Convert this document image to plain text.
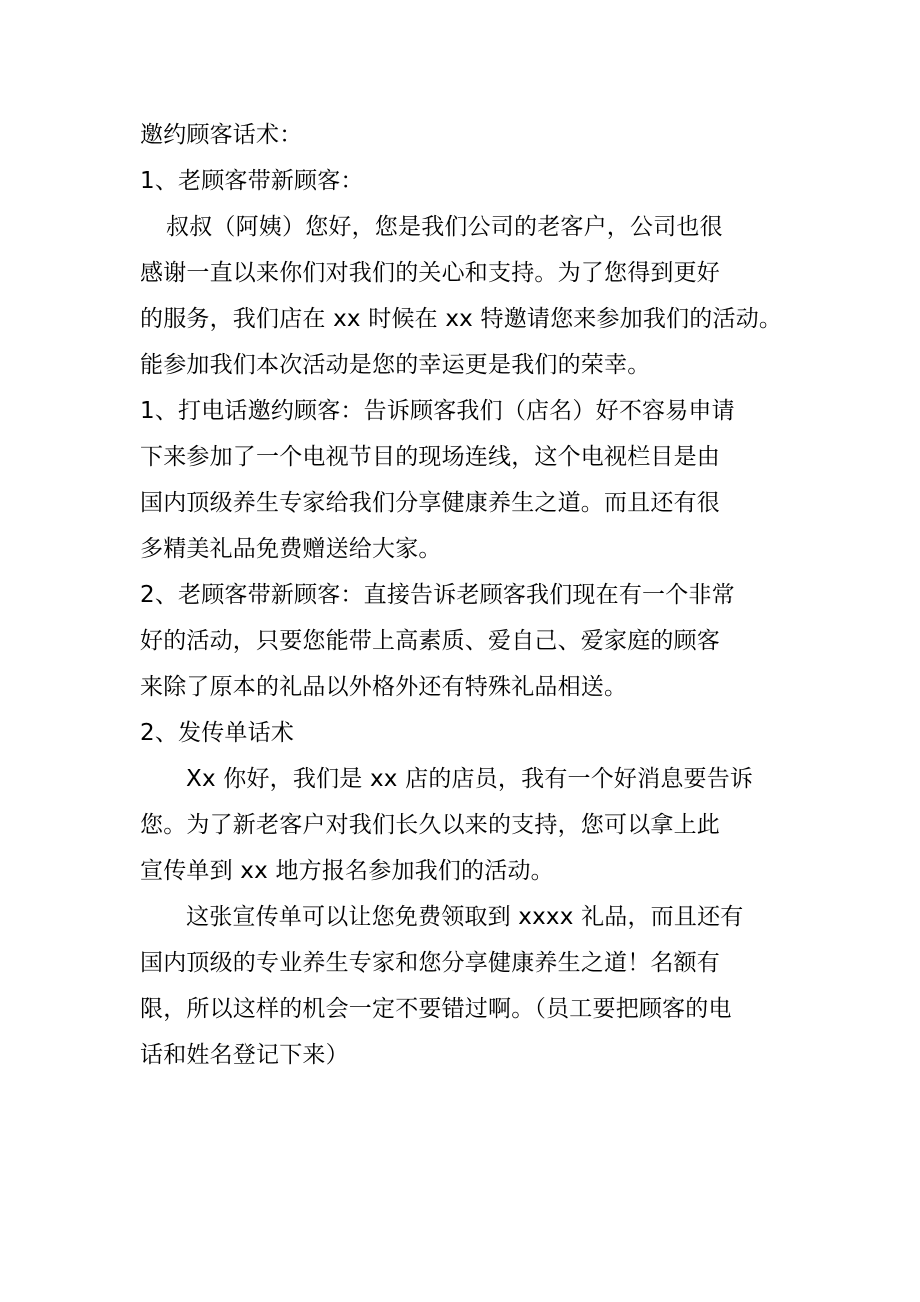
邀约顾客话术：
1、老顾客带新顾客：
叔叔（阿姨）您好，您是我们公司的老客户，公司也很
感谢一直以来你们对我们的关心和支持。为了您得到更好
的服务，我们店在 xx 时候在 xx 特邀请您来参加我们的活动。
能参加我们本次活动是您的幸运更是我们的荣幸。
1、打电话邀约顾客：告诉顾客我们（店名）好不容易申请
下来参加了一个电视节目的现场连线，这个电视栏目是由
国内顶级养生专家给我们分享健康养生之道。而且还有很
多精美礼品免费赠送给大家。
2、老顾客带新顾客：直接告诉老顾客我们现在有一个非常
好的活动，只要您能带上高素质、爱自己、爱家庭的顾客
来除了原本的礼品以外格外还有特殊礼品相送。
2、发传单话术
Xx 你好，我们是 xx 店的店员，我有一个好消息要告诉
您。为了新老客户对我们长久以来的支持，您可以拿上此
宣传单到 xx 地方报名参加我们的活动。
这张宣传单可以让您免费领取到 xxxx 礼品，而且还有
国内顶级的专业养生专家和您分享健康养生之道！名额有
限，所以这样的机会一定不要错过啊。（员工要把顾客的电
话和姓名登记下来）
